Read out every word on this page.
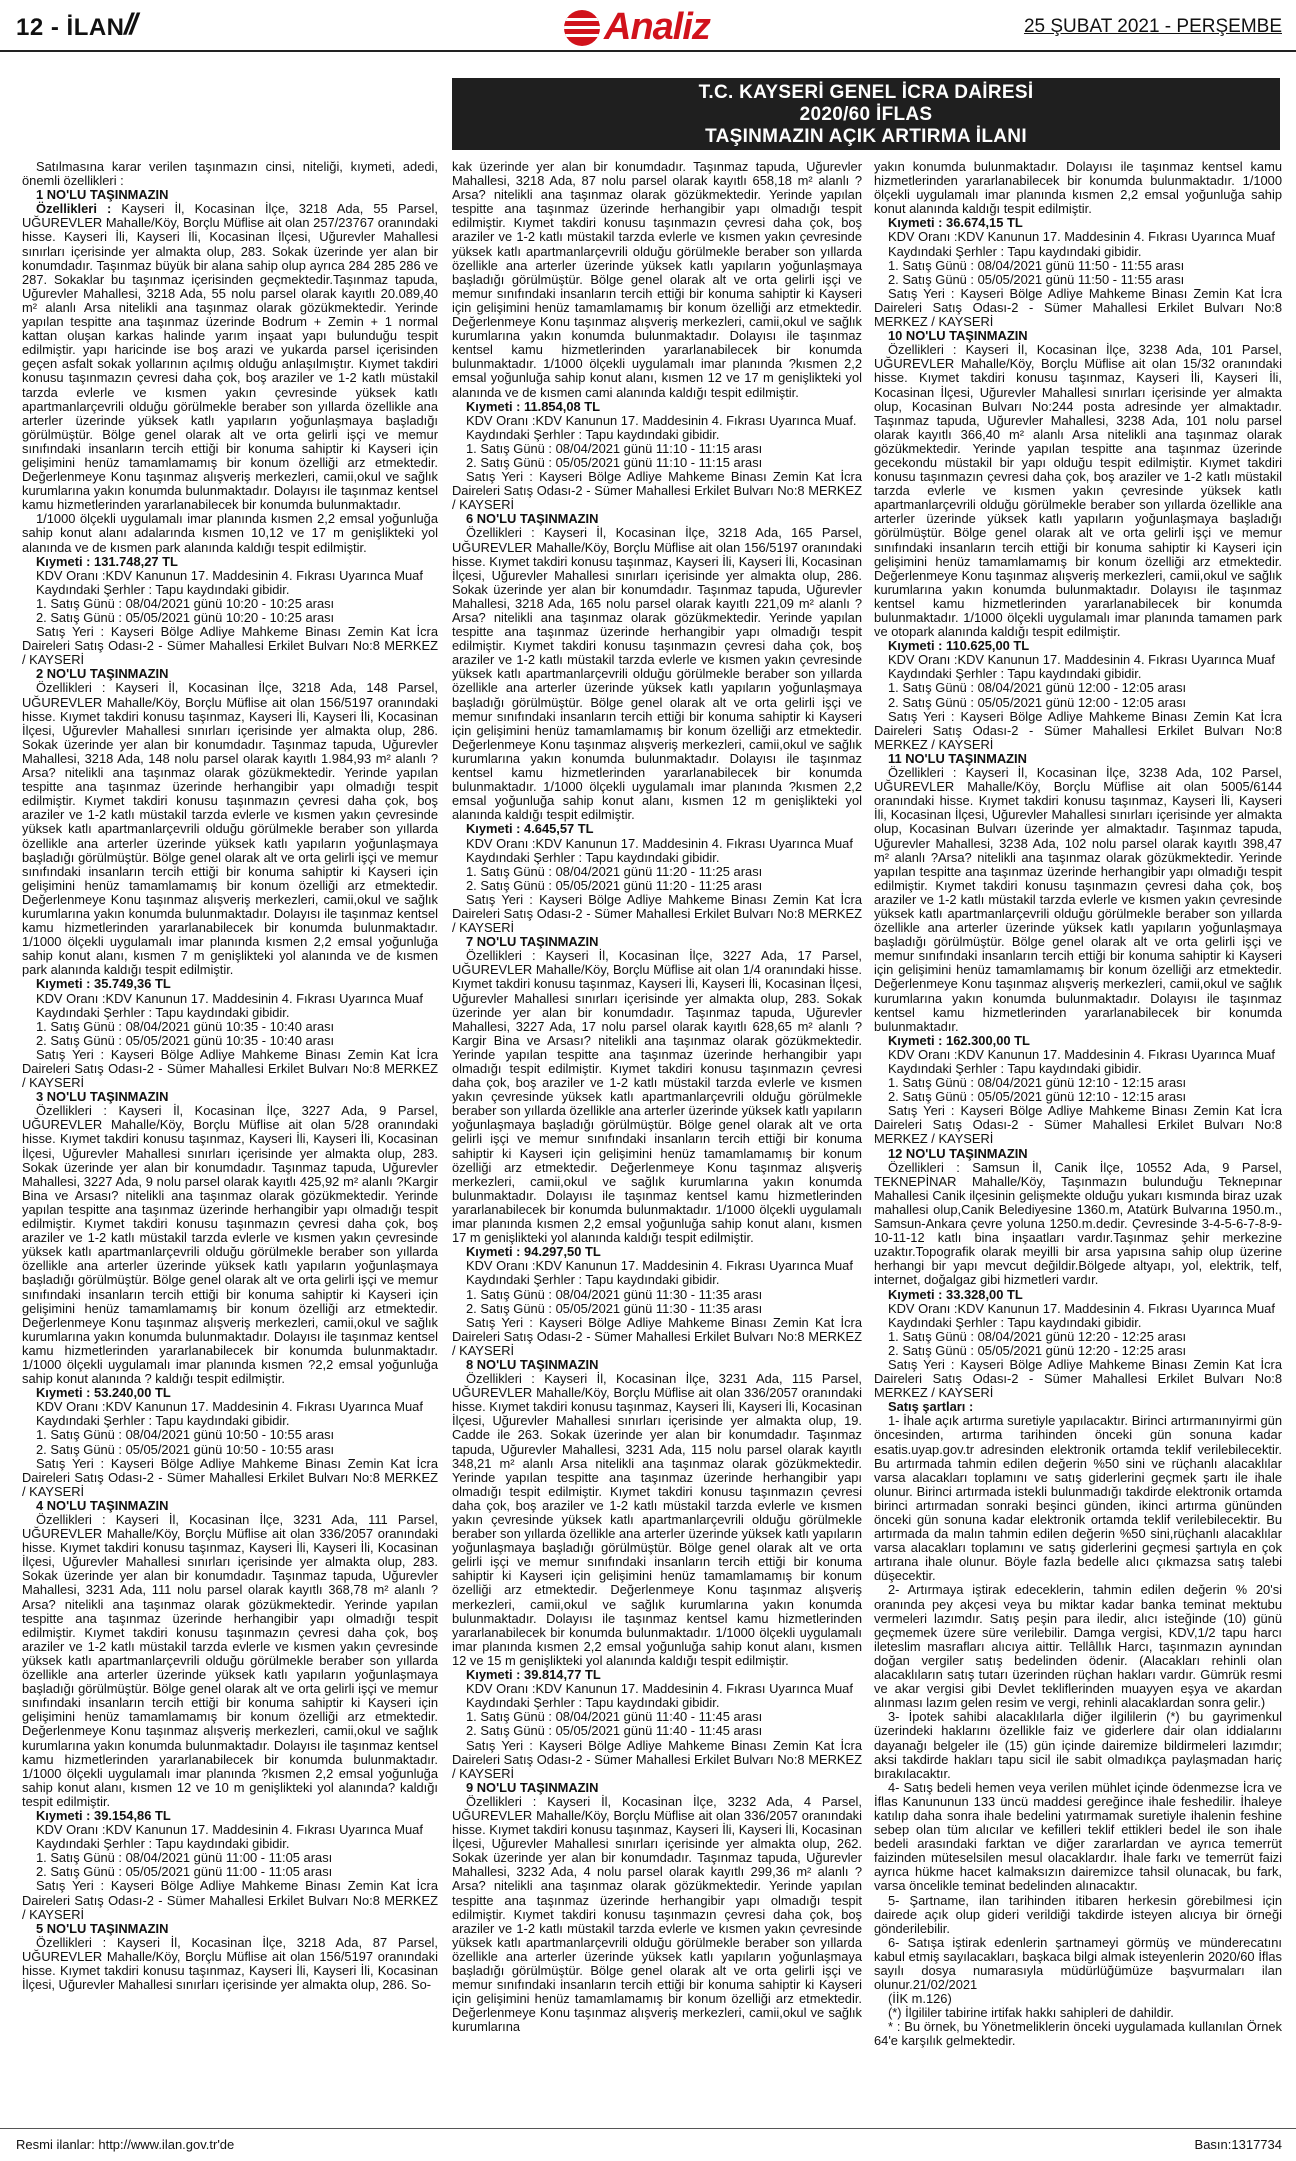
12 - İLAN //	Analiz	25 ŞUBAT 2021 - PERŞEMBE
T.C. KAYSERİ GENEL İCRA DAİRESİ
2020/60 İFLAS
TAŞINMAZIN AÇIK ARTIRMA İLANI

Satılmasına karar verilen taşınmazın cinsi, niteliği, kıymeti, adedi, önemli özellikleri :

1 NO'LU TAŞINMAZIN

Özellikleri : Kayseri İl, Kocasinan İlçe, 3218 Ada, 55 Parsel, UĞUREVLER Mahalle/Köy, Borçlu Müflise ait olan 257/23767 oranındaki hisse. Kayseri İli, Kayseri İli, Kocasinan İlçesi, Uğurevler Mahallesi sınırları içerisinde yer almakta olup, 283. Sokak üzerinde yer alan bir konumdadır. Taşınmaz büyük bir alana sahip olup ayrıca 284 285 286 ve 287. Sokaklar bu taşınmaz içerisinden geçmektedir.Taşınmaz tapuda, Uğurevler Mahallesi, 3218 Ada, 55 nolu parsel olarak kayıtlı 20.089,40 m² alanlı Arsa nitelikli ana taşınmaz olarak gözükmektedir. Yerinde yapılan tespitte ana taşınmaz üzerinde Bodrum + Zemin + 1 normal kattan oluşan karkas halinde yarım inşaat yapı bulunduğu tespit edilmiştir. yapı haricinde ise boş arazi ve yukarda parsel içerisinden geçen asfalt sokak yollarının açılmış olduğu anlaşılmıştır. Kıymet takdiri konusu taşınmazın çevresi daha çok, boş araziler ve 1-2 katlı müstakil tarzda evlerle ve kısmen yakın çevresinde yüksek katlı apartmanlarçevrili olduğu görülmekle beraber son yıllarda özellikle ana arterler üzerinde yüksek katlı yapıların yoğunlaşmaya başladığı görülmüştür. Bölge genel olarak alt ve orta gelirli işçi ve memur sınıfındaki insanların tercih ettiği bir konuma sahiptir ki Kayseri için gelişimini henüz tamamlamamış bir konum özelliği arz etmektedir. Değerlenmeye Konu taşınmaz alışveriş merkezleri, camii,okul ve sağlık kurumlarına yakın konumda bulunmaktadır. Dolayısı ile taşınmaz kentsel kamu hizmetlerinden yararlanabilecek bir konumda bulunmaktadır.

1/1000 ölçekli uygulamalı imar planında kısmen 2,2 emsal yoğunluğa sahip konut alanı adalarında kısmen 10,12 ve 17 m genişlikteki yol alanında ve de kısmen park alanında kaldığı tespit edilmiştir.

Kıymeti : 131.748,27 TL

KDV Oranı :KDV Kanunun 17. Maddesinin 4. Fıkrası Uyarınca Muaf

Kaydındaki Şerhler : Tapu kaydındaki gibidir.

1. Satış Günü : 08/04/2021 günü 10:20 - 10:25 arası

2. Satış Günü : 05/05/2021 günü 10:20 - 10:25 arası

Satış Yeri : Kayseri Bölge Adliye Mahkeme Binası Zemin Kat İcra Daireleri Satış Odası-2 - Sümer Mahallesi Erkilet Bulvarı No:8 MERKEZ / KAYSERİ

2 NO'LU TAŞINMAZIN

Özellikleri : Kayseri İl, Kocasinan İlçe, 3218 Ada, 148 Parsel, UĞUREVLER Mahalle/Köy, Borçlu Müflise ait olan 156/5197 oranındaki hisse. Kıymet takdiri konusu taşınmaz, Kayseri İli, Kayseri İli, Kocasinan İlçesi, Uğurevler Mahallesi sınırları içerisinde yer almakta olup, 286. Sokak üzerinde yer alan bir konumdadır. Taşınmaz tapuda, Uğurevler Mahallesi, 3218 Ada, 148 nolu parsel olarak kayıtlı 1.984,93 m² alanlı ?Arsa? nitelikli ana taşınmaz olarak gözükmektedir. Yerinde yapılan tespitte ana taşınmaz üzerinde herhangibir yapı olmadığı tespit edilmiştir. Kıymet takdiri konusu taşınmazın çevresi daha çok, boş araziler ve 1-2 katlı müstakil tarzda evlerle ve kısmen yakın çevresinde yüksek katlı apartmanlarçevrili olduğu görülmekle beraber son yıllarda özellikle ana arterler üzerinde yüksek katlı yapıların yoğunlaşmaya başladığı görülmüştür. Bölge genel olarak alt ve orta gelirli işçi ve memur sınıfındaki insanların tercih ettiği bir konuma sahiptir ki Kayseri için gelişimini henüz tamamlamamış bir konum özelliği arz etmektedir. Değerlenmeye Konu taşınmaz alışveriş merkezleri, camii,okul ve sağlık kurumlarına yakın konumda bulunmaktadır. Dolayısı ile taşınmaz kentsel kamu hizmetlerinden yararlanabilecek bir konumda bulunmaktadır. 1/1000 ölçekli uygulamalı imar planında kısmen 2,2 emsal yoğunluğa sahip konut alanı, kısmen 7 m genişlikteki yol alanında ve de kısmen park alanında kaldığı tespit edilmiştir.

Kıymeti : 35.749,36 TL

KDV Oranı :KDV Kanunun 17. Maddesinin 4. Fıkrası Uyarınca Muaf

Kaydındaki Şerhler : Tapu kaydındaki gibidir.

1. Satış Günü : 08/04/2021 günü 10:35 - 10:40 arası

2. Satış Günü : 05/05/2021 günü 10:35 - 10:40 arası

Satış Yeri : Kayseri Bölge Adliye Mahkeme Binası Zemin Kat İcra Daireleri Satış Odası-2 - Sümer Mahallesi Erkilet Bulvarı No:8 MERKEZ / KAYSERİ

3 NO'LU TAŞINMAZIN

Özellikleri : Kayseri İl, Kocasinan İlçe, 3227 Ada, 9 Parsel, UĞUREVLER Mahalle/Köy, Borçlu Müflise ait olan 5/28 oranındaki hisse. Kıymet takdiri konusu taşınmaz, Kayseri İli, Kayseri İli, Kocasinan İlçesi, Uğurevler Mahallesi sınırları içerisinde yer almakta olup, 283. Sokak üzerinde yer alan bir konumdadır. Taşınmaz tapuda, Uğurevler Mahallesi, 3227 Ada, 9 nolu parsel olarak kayıtlı 425,92 m² alanlı ?Kargir Bina ve Arsası? nitelikli ana taşınmaz olarak gözükmektedir. Yerinde yapılan tespitte ana taşınmaz üzerinde herhangibir yapı olmadığı tespit edilmiştir. Kıymet takdiri konusu taşınmazın çevresi daha çok, boş araziler ve 1-2 katlı müstakil tarzda evlerle ve kısmen yakın çevresinde yüksek katlı apartmanlarçevrili olduğu görülmekle beraber son yıllarda özellikle ana arterler üzerinde yüksek katlı yapıların yoğunlaşmaya başladığı görülmüştür. Bölge genel olarak alt ve orta gelirli işçi ve memur sınıfındaki insanların tercih ettiği bir konuma sahiptir ki Kayseri için gelişimini henüz tamamlamamış bir konum özelliği arz etmektedir. Değerlenmeye Konu taşınmaz alışveriş merkezleri, camii,okul ve sağlık kurumlarına yakın konumda bulunmaktadır. Dolayısı ile taşınmaz kentsel kamu hizmetlerinden yararlanabilecek bir konumda bulunmaktadır. 1/1000 ölçekli uygulamalı imar planında kısmen ?2,2 emsal yoğunluğa sahip konut alanında ? kaldığı tespit edilmiştir.

Kıymeti : 53.240,00 TL

KDV Oranı :KDV Kanunun 17. Maddesinin 4. Fıkrası Uyarınca Muaf

Kaydındaki Şerhler : Tapu kaydındaki gibidir.

1. Satış Günü : 08/04/2021 günü 10:50 - 10:55 arası

2. Satış Günü : 05/05/2021 günü 10:50 - 10:55 arası

Satış Yeri : Kayseri Bölge Adliye Mahkeme Binası Zemin Kat İcra Daireleri Satış Odası-2 - Sümer Mahallesi Erkilet Bulvarı No:8 MERKEZ / KAYSERİ

4 NO'LU TAŞINMAZIN

Özellikleri : Kayseri İl, Kocasinan İlçe, 3231 Ada, 111 Parsel, UĞUREVLER Mahalle/Köy, Borçlu Müflise ait olan 336/2057 oranındaki hisse. Kıymet takdiri konusu taşınmaz, Kayseri İli, Kayseri İli, Kocasinan İlçesi, Uğurevler Mahallesi sınırları içerisinde yer almakta olup, 283. Sokak üzerinde yer alan bir konumdadır. Taşınmaz tapuda, Uğurevler Mahallesi, 3231 Ada, 111 nolu parsel olarak kayıtlı 368,78 m² alanlı ?Arsa? nitelikli ana taşınmaz olarak gözükmektedir. Yerinde yapılan tespitte ana taşınmaz üzerinde herhangibir yapı olmadığı tespit edilmiştir. Kıymet takdiri konusu taşınmazın çevresi daha çok, boş araziler ve 1-2 katlı müstakil tarzda evlerle ve kısmen yakın çevresinde yüksek katlı apartmanlarçevrili olduğu görülmekle beraber son yıllarda özellikle ana arterler üzerinde yüksek katlı yapıların yoğunlaşmaya başladığı görülmüştür. Bölge genel olarak alt ve orta gelirli işçi ve memur sınıfındaki insanların tercih ettiği bir konuma sahiptir ki Kayseri için gelişimini henüz tamamlamamış bir konum özelliği arz etmektedir. Değerlenmeye Konu taşınmaz alışveriş merkezleri, camii,okul ve sağlık kurumlarına yakın konumda bulunmaktadır. Dolayısı ile taşınmaz kentsel kamu hizmetlerinden yararlanabilecek bir konumda bulunmaktadır. 1/1000 ölçekli uygulamalı imar planında ?kısmen 2,2 emsal yoğunluğa sahip konut alanı, kısmen 12 ve 10 m genişlikteki yol alanında? kaldığı tespit edilmiştir.

Kıymeti : 39.154,86 TL

KDV Oranı :KDV Kanunun 17. Maddesinin 4. Fıkrası Uyarınca Muaf

Kaydındaki Şerhler : Tapu kaydındaki gibidir.

1. Satış Günü : 08/04/2021 günü 11:00 - 11:05 arası

2. Satış Günü : 05/05/2021 günü 11:00 - 11:05 arası

Satış Yeri : Kayseri Bölge Adliye Mahkeme Binası Zemin Kat İcra Daireleri Satış Odası-2 - Sümer Mahallesi Erkilet Bulvarı No:8 MERKEZ / KAYSERİ

5 NO'LU TAŞINMAZIN

Özellikleri : Kayseri İl, Kocasinan İlçe, 3218 Ada, 87 Parsel, UĞUREVLER Mahalle/Köy, Borçlu Müflise ait olan 156/5197 oranındaki hisse. Kıymet takdiri konusu taşınmaz, Kayseri İli, Kayseri İli, Kocasinan İlçesi, Uğurevler Mahallesi sınırları içerisinde yer almakta olup, 286. So-

kak üzerinde yer alan bir konumdadır. Taşınmaz tapuda, Uğurevler Mahallesi, 3218 Ada, 87 nolu parsel olarak kayıtlı 658,18 m² alanlı ?Arsa? nitelikli ana taşınmaz olarak gözükmektedir. Yerinde yapılan tespitte ana taşınmaz üzerinde herhangibir yapı olmadığı tespit edilmiştir. Kıymet takdiri konusu taşınmazın çevresi daha çok, boş araziler ve 1-2 katlı müstakil tarzda evlerle ve kısmen yakın çevresinde yüksek katlı apartmanlarçevrili olduğu görülmekle beraber son yıllarda özellikle ana arterler üzerinde yüksek katlı yapıların yoğunlaşmaya başladığı görülmüştür. Bölge genel olarak alt ve orta gelirli işçi ve memur sınıfındaki insanların tercih ettiği bir konuma sahiptir ki Kayseri için gelişimini henüz tamamlamamış bir konum özelliği arz etmektedir. Değerlenmeye Konu taşınmaz alışveriş merkezleri, camii,okul ve sağlık kurumlarına yakın konumda bulunmaktadır. Dolayısı ile taşınmaz kentsel kamu hizmetlerinden yararlanabilecek bir konumda bulunmaktadır. 1/1000 ölçekli uygulamalı imar planında ?kısmen 2,2 emsal yoğunluğa sahip konut alanı, kısmen 12 ve 17 m genişlikteki yol alanında ve de kısmen cami alanında kaldığı tespit edilmiştir.

Kıymeti : 11.854,08 TL

KDV Oranı :KDV Kanunun 17. Maddesinin 4. Fıkrası Uyarınca Muaf.

Kaydındaki Şerhler : Tapu kaydındaki gibidir.

1. Satış Günü : 08/04/2021 günü 11:10 - 11:15 arası

2. Satış Günü : 05/05/2021 günü 11:10 - 11:15 arası

Satış Yeri : Kayseri Bölge Adliye Mahkeme Binası Zemin Kat İcra Daireleri Satış Odası-2 - Sümer Mahallesi Erkilet Bulvarı No:8 MERKEZ / KAYSERİ

6 NO'LU TAŞINMAZIN

Özellikleri : Kayseri İl, Kocasinan İlçe, 3218 Ada, 165 Parsel, UĞUREVLER Mahalle/Köy, Borçlu Müflise ait olan 156/5197 oranındaki hisse. Kıymet takdiri konusu taşınmaz, Kayseri İli, Kayseri İli, Kocasinan İlçesi, Uğurevler Mahallesi sınırları içerisinde yer almakta olup, 286. Sokak üzerinde yer alan bir konumdadır. Taşınmaz tapuda, Uğurevler Mahallesi, 3218 Ada, 165 nolu parsel olarak kayıtlı 221,09 m² alanlı ?Arsa? nitelikli ana taşınmaz olarak gözükmektedir. Yerinde yapılan tespitte ana taşınmaz üzerinde herhangibir yapı olmadığı tespit edilmiştir. Kıymet takdiri konusu taşınmazın çevresi daha çok, boş araziler ve 1-2 katlı müstakil tarzda evlerle ve kısmen yakın çevresinde yüksek katlı apartmanlarçevrili olduğu görülmekle beraber son yıllarda özellikle ana arterler üzerinde yüksek katlı yapıların yoğunlaşmaya başladığı görülmüştür. Bölge genel olarak alt ve orta gelirli işçi ve memur sınıfındaki insanların tercih ettiği bir konuma sahiptir ki Kayseri için gelişimini henüz tamamlamamış bir konum özelliği arz etmektedir. Değerlenmeye Konu taşınmaz alışveriş merkezleri, camii,okul ve sağlık kurumlarına yakın konumda bulunmaktadır. Dolayısı ile taşınmaz kentsel kamu hizmetlerinden yararlanabilecek bir konumda bulunmaktadır. 1/1000 ölçekli uygulamalı imar planında ?kısmen 2,2 emsal yoğunluğa sahip konut alanı, kısmen 12 m genişlikteki yol alanında kaldığı tespit edilmiştir.

Kıymeti : 4.645,57 TL

KDV Oranı :KDV Kanunun 17. Maddesinin 4. Fıkrası Uyarınca Muaf

Kaydındaki Şerhler : Tapu kaydındaki gibidir.

1. Satış Günü : 08/04/2021 günü 11:20 - 11:25 arası

2. Satış Günü : 05/05/2021 günü 11:20 - 11:25 arası

Satış Yeri : Kayseri Bölge Adliye Mahkeme Binası Zemin Kat İcra Daireleri Satış Odası-2 - Sümer Mahallesi Erkilet Bulvarı No:8 MERKEZ / KAYSERİ

7 NO'LU TAŞINMAZIN

Özellikleri : Kayseri İl, Kocasinan İlçe, 3227 Ada, 17 Parsel, UĞUREVLER Mahalle/Köy, Borçlu Müflise ait olan 1/4 oranındaki hisse. Kıymet takdiri konusu taşınmaz, Kayseri İli, Kayseri İli, Kocasinan İlçesi, Uğurevler Mahallesi sınırları içerisinde yer almakta olup, 283. Sokak üzerinde yer alan bir konumdadır. Taşınmaz tapuda, Uğurevler Mahallesi, 3227 Ada, 17 nolu parsel olarak kayıtlı 628,65 m² alanlı ?Kargir Bina ve Arsası? nitelikli ana taşınmaz olarak gözükmektedir. Yerinde yapılan tespitte ana taşınmaz üzerinde herhangibir yapı olmadığı tespit edilmiştir. Kıymet takdiri konusu taşınmazın çevresi daha çok, boş araziler ve 1-2 katlı müstakil tarzda evlerle ve kısmen yakın çevresinde yüksek katlı apartmanlarçevrili olduğu görülmekle beraber son yıllarda özellikle ana arterler üzerinde yüksek katlı yapıların yoğunlaşmaya başladığı görülmüştür. Bölge genel olarak alt ve orta gelirli işçi ve memur sınıfındaki insanların tercih ettiği bir konuma sahiptir ki Kayseri için gelişimini henüz tamamlamamış bir konum özelliği arz etmektedir. Değerlenmeye Konu taşınmaz alışveriş merkezleri, camii,okul ve sağlık kurumlarına yakın konumda bulunmaktadır. Dolayısı ile taşınmaz kentsel kamu hizmetlerinden yararlanabilecek bir konumda bulunmaktadır. 1/1000 ölçekli uygulamalı imar planında kısmen 2,2 emsal yoğunluğa sahip konut alanı, kısmen 17 m genişlikteki yol alanında kaldığı tespit edilmiştir.

Kıymeti : 94.297,50 TL

KDV Oranı :KDV Kanunun 17. Maddesinin 4. Fıkrası Uyarınca Muaf

Kaydındaki Şerhler : Tapu kaydındaki gibidir.

1. Satış Günü : 08/04/2021 günü 11:30 - 11:35 arası

2. Satış Günü : 05/05/2021 günü 11:30 - 11:35 arası

Satış Yeri : Kayseri Bölge Adliye Mahkeme Binası Zemin Kat İcra Daireleri Satış Odası-2 - Sümer Mahallesi Erkilet Bulvarı No:8 MERKEZ / KAYSERİ

8 NO'LU TAŞINMAZIN

Özellikleri : Kayseri İl, Kocasinan İlçe, 3231 Ada, 115 Parsel, UĞUREVLER Mahalle/Köy, Borçlu Müflise ait olan 336/2057 oranındaki hisse. Kıymet takdiri konusu taşınmaz, Kayseri İli, Kayseri İli, Kocasinan İlçesi, Uğurevler Mahallesi sınırları içerisinde yer almakta olup, 19. Cadde ile 263. Sokak üzerinde yer alan bir konumdadır. Taşınmaz tapuda, Uğurevler Mahallesi, 3231 Ada, 115 nolu parsel olarak kayıtlı 348,21 m² alanlı Arsa nitelikli ana taşınmaz olarak gözükmektedir. Yerinde yapılan tespitte ana taşınmaz üzerinde herhangibir yapı olmadığı tespit edilmiştir. Kıymet takdiri konusu taşınmazın çevresi daha çok, boş araziler ve 1-2 katlı müstakil tarzda evlerle ve kısmen yakın çevresinde yüksek katlı apartmanlarçevrili olduğu görülmekle beraber son yıllarda özellikle ana arterler üzerinde yüksek katlı yapıların yoğunlaşmaya başladığı görülmüştür. Bölge genel olarak alt ve orta gelirli işçi ve memur sınıfındaki insanların tercih ettiği bir konuma sahiptir ki Kayseri için gelişimini henüz tamamlamamış bir konum özelliği arz etmektedir. Değerlenmeye Konu taşınmaz alışveriş merkezleri, camii,okul ve sağlık kurumlarına yakın konumda bulunmaktadır. Dolayısı ile taşınmaz kentsel kamu hizmetlerinden yararlanabilecek bir konumda bulunmaktadır. 1/1000 ölçekli uygulamalı imar planında kısmen 2,2 emsal yoğunluğa sahip konut alanı, kısmen 12 ve 15 m genişlikteki yol alanında kaldığı tespit edilmiştir.

Kıymeti : 39.814,77 TL

KDV Oranı :KDV Kanunun 17. Maddesinin 4. Fıkrası Uyarınca Muaf

Kaydındaki Şerhler : Tapu kaydındaki gibidir.

1. Satış Günü : 08/04/2021 günü 11:40 - 11:45 arası

2. Satış Günü : 05/05/2021 günü 11:40 - 11:45 arası

Satış Yeri : Kayseri Bölge Adliye Mahkeme Binası Zemin Kat İcra Daireleri Satış Odası-2 - Sümer Mahallesi Erkilet Bulvarı No:8 MERKEZ / KAYSERİ

9 NO'LU TAŞINMAZIN

Özellikleri : Kayseri İl, Kocasinan İlçe, 3232 Ada, 4 Parsel, UĞUREVLER Mahalle/Köy, Borçlu Müflise ait olan 336/2057 oranındaki hisse. Kıymet takdiri konusu taşınmaz, Kayseri İli, Kayseri İli, Kocasinan İlçesi, Uğurevler Mahallesi sınırları içerisinde yer almakta olup, 262. Sokak üzerinde yer alan bir konumdadır. Taşınmaz tapuda, Uğurevler Mahallesi, 3232 Ada, 4 nolu parsel olarak kayıtlı 299,36 m² alanlı ?Arsa? nitelikli ana taşınmaz olarak gözükmektedir. Yerinde yapılan tespitte ana taşınmaz üzerinde herhangibir yapı olmadığı tespit edilmiştir. Kıymet takdiri konusu taşınmazın çevresi daha çok, boş araziler ve 1-2 katlı müstakil tarzda evlerle ve kısmen yakın çevresinde yüksek katlı apartmanlarçevrili olduğu görülmekle beraber son yıllarda özellikle ana arterler üzerinde yüksek katlı yapıların yoğunlaşmaya başladığı görülmüştür. Bölge genel olarak alt ve orta gelirli işçi ve memur sınıfındaki insanların tercih ettiği bir konuma sahiptir ki Kayseri için gelişimini henüz tamamlamamış bir konum özelliği arz etmektedir. Değerlenmeye Konu taşınmaz alışveriş merkezleri, camii,okul ve sağlık kurumlarına

yakın konumda bulunmaktadır. Dolayısı ile taşınmaz kentsel kamu hizmetlerinden yararlanabilecek bir konumda bulunmaktadır. 1/1000 ölçekli uygulamalı imar planında kısmen 2,2 emsal yoğunluğa sahip konut alanında kaldığı tespit edilmiştir.

Kıymeti : 36.674,15 TL

KDV Oranı :KDV Kanunun 17. Maddesinin 4. Fıkrası Uyarınca Muaf

Kaydındaki Şerhler : Tapu kaydındaki gibidir.

1. Satış Günü : 08/04/2021 günü 11:50 - 11:55 arası

2. Satış Günü : 05/05/2021 günü 11:50 - 11:55 arası

Satış Yeri : Kayseri Bölge Adliye Mahkeme Binası Zemin Kat İcra Daireleri Satış Odası-2 - Sümer Mahallesi Erkilet Bulvarı No:8 MERKEZ / KAYSERİ

10 NO'LU TAŞINMAZIN

Özellikleri : Kayseri İl, Kocasinan İlçe, 3238 Ada, 101 Parsel, UĞUREVLER Mahalle/Köy, Borçlu Müflise ait olan 15/32 oranındaki hisse. Kıymet takdiri konusu taşınmaz, Kayseri İli, Kayseri İli, Kocasinan İlçesi, Uğurevler Mahallesi sınırları içerisinde yer almakta olup, Kocasinan Bulvarı No:244 posta adresinde yer almaktadır. Taşınmaz tapuda, Uğurevler Mahallesi, 3238 Ada, 101 nolu parsel olarak kayıtlı 366,40 m² alanlı Arsa nitelikli ana taşınmaz olarak gözükmektedir. Yerinde yapılan tespitte ana taşınmaz üzerinde gecekondu müstakil bir yapı olduğu tespit edilmiştir. Kıymet takdiri konusu taşınmazın çevresi daha çok, boş araziler ve 1-2 katlı müstakil tarzda evlerle ve kısmen yakın çevresinde yüksek katlı apartmanlarçevrili olduğu görülmekle beraber son yıllarda özellikle ana arterler üzerinde yüksek katlı yapıların yoğunlaşmaya başladığı görülmüştür. Bölge genel olarak alt ve orta gelirli işçi ve memur sınıfındaki insanların tercih ettiği bir konuma sahiptir ki Kayseri için gelişimini henüz tamamlamamış bir konum özelliği arz etmektedir. Değerlenmeye Konu taşınmaz alışveriş merkezleri, camii,okul ve sağlık kurumlarına yakın konumda bulunmaktadır. Dolayısı ile taşınmaz kentsel kamu hizmetlerinden yararlanabilecek bir konumda bulunmaktadır. 1/1000 ölçekli uygulamalı imar planında tamamen park ve otopark alanında kaldığı tespit edilmiştir.

Kıymeti : 110.625,00 TL

KDV Oranı :KDV Kanunun 17. Maddesinin 4. Fıkrası Uyarınca Muaf

Kaydındaki Şerhler : Tapu kaydındaki gibidir.

1. Satış Günü : 08/04/2021 günü 12:00 - 12:05 arası

2. Satış Günü : 05/05/2021 günü 12:00 - 12:05 arası

Satış Yeri : Kayseri Bölge Adliye Mahkeme Binası Zemin Kat İcra Daireleri Satış Odası-2 - Sümer Mahallesi Erkilet Bulvarı No:8 MERKEZ / KAYSERİ

11 NO'LU TAŞINMAZIN

Özellikleri : Kayseri İl, Kocasinan İlçe, 3238 Ada, 102 Parsel, UĞUREVLER Mahalle/Köy, Borçlu Müflise ait olan 5005/6144 oranındaki hisse. Kıymet takdiri konusu taşınmaz, Kayseri İli, Kayseri İli, Kocasinan İlçesi, Uğurevler Mahallesi sınırları içerisinde yer almakta olup, Kocasinan Bulvarı üzerinde yer almaktadır. Taşınmaz tapuda, Uğurevler Mahallesi, 3238 Ada, 102 nolu parsel olarak kayıtlı 398,47 m² alanlı ?Arsa? nitelikli ana taşınmaz olarak gözükmektedir. Yerinde yapılan tespitte ana taşınmaz üzerinde herhangibir yapı olmadığı tespit edilmiştir. Kıymet takdiri konusu taşınmazın çevresi daha çok, boş araziler ve 1-2 katlı müstakil tarzda evlerle ve kısmen yakın çevresinde yüksek katlı apartmanlarçevrili olduğu görülmekle beraber son yıllarda özellikle ana arterler üzerinde yüksek katlı yapıların yoğunlaşmaya başladığı görülmüştür. Bölge genel olarak alt ve orta gelirli işçi ve memur sınıfındaki insanların tercih ettiği bir konuma sahiptir ki Kayseri için gelişimini henüz tamamlamamış bir konum özelliği arz etmektedir. Değerlenmeye Konu taşınmaz alışveriş merkezleri, camii,okul ve sağlık kurumlarına yakın konumda bulunmaktadır. Dolayısı ile taşınmaz kentsel kamu hizmetlerinden yararlanabilecek bir konumda bulunmaktadır.

Kıymeti : 162.300,00 TL

KDV Oranı :KDV Kanunun 17. Maddesinin 4. Fıkrası Uyarınca Muaf

Kaydındaki Şerhler : Tapu kaydındaki gibidir.

1. Satış Günü : 08/04/2021 günü 12:10 - 12:15 arası

2. Satış Günü : 05/05/2021 günü 12:10 - 12:15 arası

Satış Yeri : Kayseri Bölge Adliye Mahkeme Binası Zemin Kat İcra Daireleri Satış Odası-2 - Sümer Mahallesi Erkilet Bulvarı No:8 MERKEZ / KAYSERİ

12 NO'LU TAŞINMAZIN

Özellikleri : Samsun İl, Canik İlçe, 10552 Ada, 9 Parsel, TEKNEPİNAR Mahalle/Köy, Taşınmazın bulunduğu Teknepınar Mahallesi Canik ilçesinin gelişmekte olduğu yukarı kısmında biraz uzak mahallesi olup,Canik Belediyesine 1360.m, Atatürk Bulvarına 1950.m., Samsun-Ankara çevre yoluna 1250.m.dedir. Çevresinde 3-4-5-6-7-8-9-10-11-12 katlı bina inşaatları vardır.Taşınmaz şehir merkezine uzaktır.Topografik olarak meyilli bir arsa yapısına sahip olup üzerine herhangi bir yapı mevcut değildir.Bölgede altyapı, yol, elektrik, telf, internet, doğalgaz gibi hizmetleri vardır.

Kıymeti : 33.328,00 TL

KDV Oranı :KDV Kanunun 17. Maddesinin 4. Fıkrası Uyarınca Muaf

Kaydındaki Şerhler : Tapu kaydındaki gibidir.

1. Satış Günü : 08/04/2021 günü 12:20 - 12:25 arası

2. Satış Günü : 05/05/2021 günü 12:20 - 12:25 arası

Satış Yeri : Kayseri Bölge Adliye Mahkeme Binası Zemin Kat İcra Daireleri Satış Odası-2 - Sümer Mahallesi Erkilet Bulvarı No:8 MERKEZ / KAYSERİ

Satış şartları :

1- İhale açık artırma suretiyle yapılacaktır. Birinci artırmanınyirmi gün öncesinden, artırma tarihinden önceki gün sonuna kadar esatis.uyap.gov.tr adresinden elektronik ortamda teklif verilebilecektir. Bu artırmada tahmin edilen değerin %50 sini ve rüçhanlı alacaklılar varsa alacakları toplamını ve satış giderlerini geçmek şartı ile ihale olunur. Birinci artırmada istekli bulunmadığı takdirde elektronik ortamda birinci artırmadan sonraki beşinci günden, ikinci artırma gününden önceki gün sonuna kadar elektronik ortamda teklif verilebilecektir. Bu artırmada da malın tahmin edilen değerin %50 sini,rüçhanlı alacaklılar varsa alacakları toplamını ve satış giderlerini geçmesi şartıyla en çok artırana ihale olunur. Böyle fazla bedelle alıcı çıkmazsa satış talebi düşecektir.

2- Artırmaya iştirak edeceklerin, tahmin edilen değerin % 20'si oranında pey akçesi veya bu miktar kadar banka teminat mektubu vermeleri lazımdır. Satış peşin para iledir, alıcı isteğinde (10) günü geçmemek üzere süre verilebilir. Damga vergisi, KDV,1/2 tapu harcı ileteslim masrafları alıcıya aittir. Tellâllık Harcı, taşınmazın aynından doğan vergiler satış bedelinden ödenir. (Alacakları rehinli olan alacaklıların satış tutarı üzerinden rüçhan hakları vardır. Gümrük resmi ve akar vergisi gibi Devlet tekliflerinden muayyen eşya ve akardan alınması lazım gelen resim ve vergi, rehinli alacaklardan sonra gelir.)

3- İpotek sahibi alacaklılarla diğer ilgililerin (*) bu gayrimenkul üzerindeki haklarını özellikle faiz ve giderlere dair olan iddialarını dayanağı belgeler ile (15) gün içinde dairemize bildirmeleri lazımdır; aksi takdirde hakları tapu sicil ile sabit olmadıkça paylaşmadan hariç bırakılacaktır.

4- Satış bedeli hemen veya verilen mühlet içinde ödenmezse İcra ve İflas Kanununun 133 üncü maddesi gereğince ihale feshedilir. İhaleye katılıp daha sonra ihale bedelini yatırmamak suretiyle ihalenin feshine sebep olan tüm alıcılar ve kefilleri teklif ettikleri bedel ile son ihale bedeli arasındaki farktan ve diğer zararlardan ve ayrıca temerrüt faizinden müteselsilen mesul olacaklardır. İhale farkı ve temerrüt faizi ayrıca hükme hacet kalmaksızın dairemizce tahsil olunacak, bu fark, varsa öncelikle teminat bedelinden alınacaktır.

5- Şartname, ilan tarihinden itibaren herkesin görebilmesi için dairede açık olup gideri verildiği takdirde isteyen alıcıya bir örneği gönderilebilir.

6- Satışa iştirak edenlerin şartnameyi görmüş ve münderecatını kabul etmiş sayılacakları, başkaca bilgi almak isteyenlerin 2020/60 İflas sayılı dosya numarasıyla müdürlüğümüze başvurmaları ilan olunur.21/02/2021

(İİK m.126)

(*) İlgililer tabirine irtifak hakkı sahipleri de dahildir.

* : Bu örnek, bu Yönetmeliklerin önceki uygulamada kullanılan Örnek 64'e karşılık gelmektedir.

Resmi ilanlar: http://www.ilan.gov.tr'de	Basın:1317734
